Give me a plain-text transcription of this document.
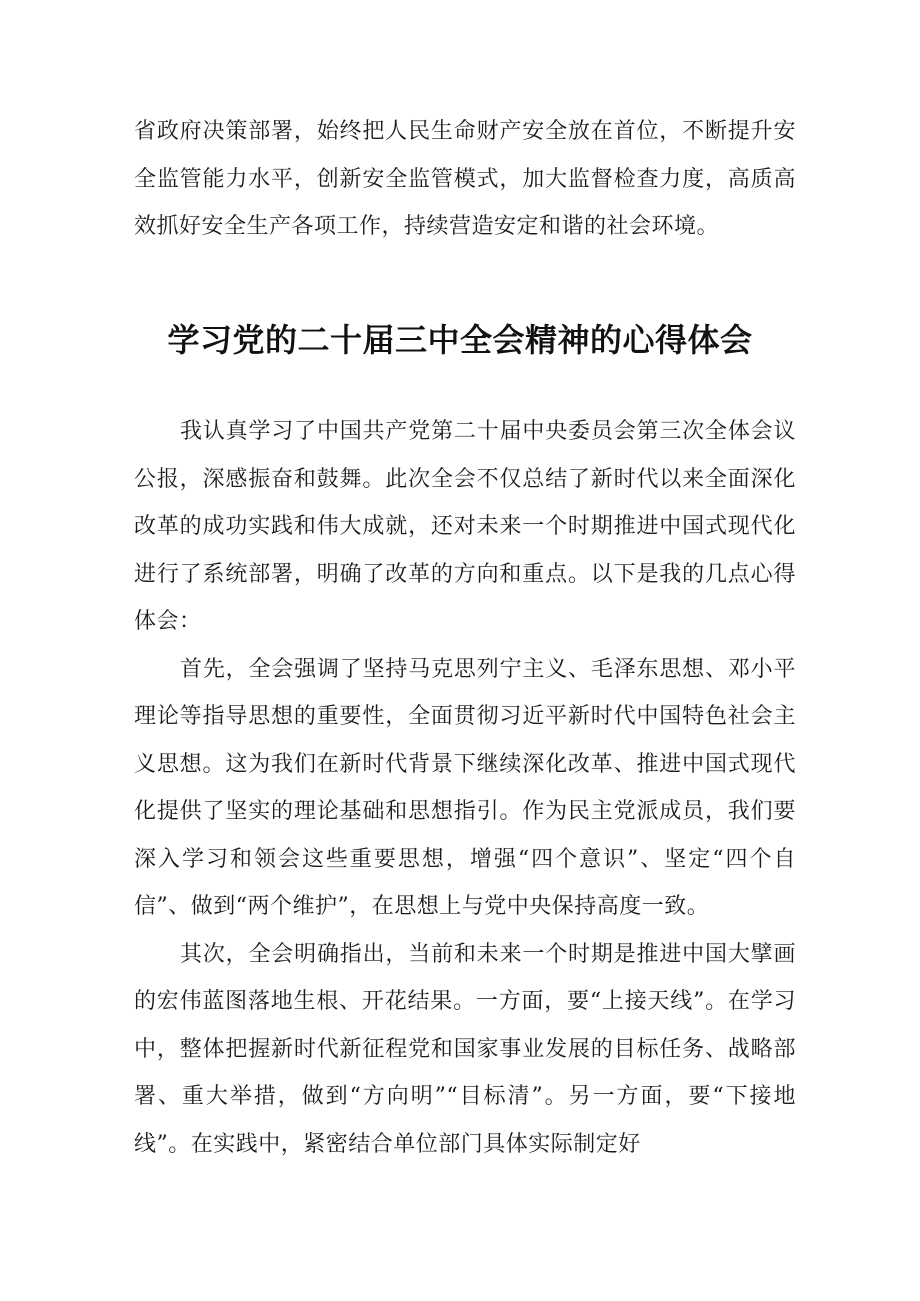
省政府决策部署，始终把人民生命财产安全放在首位，不断提升安全监管能力水平，创新安全监管模式，加大监督检查力度，高质高效抓好安全生产各项工作，持续营造安定和谐的社会环境。

学习党的二十届三中全会精神的心得体会

我认真学习了中国共产党第二十届中央委员会第三次全体会议公报，深感振奋和鼓舞。此次全会不仅总结了新时代以来全面深化改革的成功实践和伟大成就，还对未来一个时期推进中国式现代化进行了系统部署，明确了改革的方向和重点。以下是我的几点心得体会：

首先，全会强调了坚持马克思列宁主义、毛泽东思想、邓小平理论等指导思想的重要性，全面贯彻习近平新时代中国特色社会主义思想。这为我们在新时代背景下继续深化改革、推进中国式现代化提供了坚实的理论基础和思想指引。作为民主党派成员，我们要深入学习和领会这些重要思想，增强“四个意识”、坚定“四个自信”、做到“两个维护”，在思想上与党中央保持高度一致。

其次，全会明确指出，当前和未来一个时期是推进中国大擘画的宏伟蓝图落地生根、开花结果。一方面，要“上接天线”。在学习中，整体把握新时代新征程党和国家事业发展的目标任务、战略部署、重大举措，做到“方向明”“目标清”。另一方面，要“下接地线”。在实践中，紧密结合单位部门具体实际制定好
